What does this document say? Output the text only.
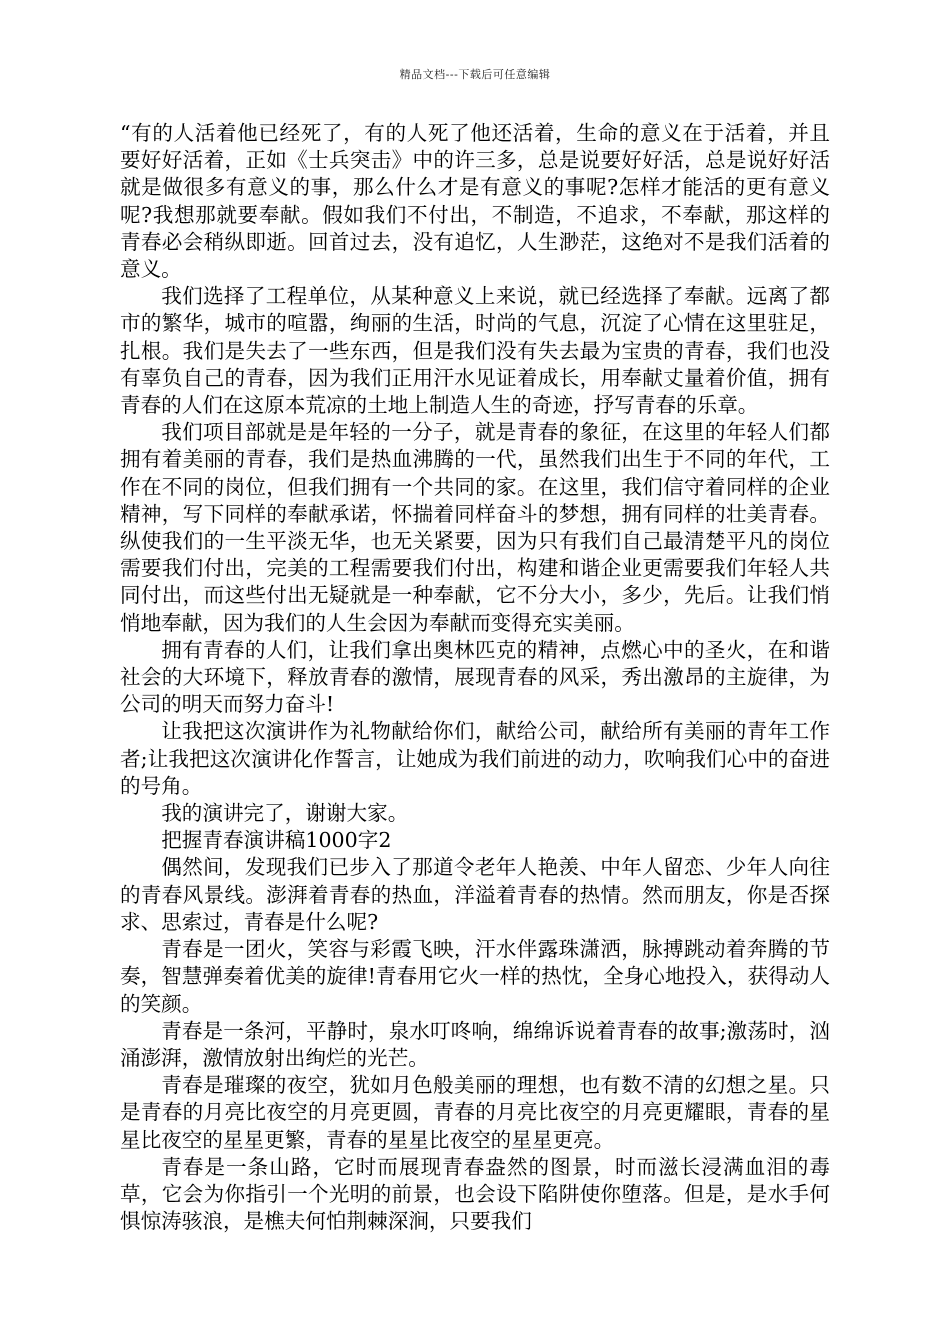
精品文档---下载后可任意编辑

“有的人活着他已经死了，有的人死了他还活着，生命的意义在于活着，并且要好好活着，正如《士兵突击》中的许三多，总是说要好好活，总是说好好活就是做很多有意义的事，那么什么才是有意义的事呢?怎样才能活的更有意义呢?我想那就要奉献。假如我们不付出，不制造，不追求，不奉献，那这样的青春必会稍纵即逝。回首过去，没有追忆，人生渺茫，这绝对不是我们活着的意义。

我们选择了工程单位，从某种意义上来说，就已经选择了奉献。远离了都市的繁华，城市的喧嚣，绚丽的生活，时尚的气息，沉淀了心情在这里驻足，扎根。我们是失去了一些东西，但是我们没有失去最为宝贵的青春，我们也没有辜负自己的青春，因为我们正用汗水见证着成长，用奉献丈量着价值，拥有青春的人们在这原本荒凉的土地上制造人生的奇迹，抒写青春的乐章。

我们项目部就是是年轻的一分子，就是青春的象征，在这里的年轻人们都拥有着美丽的青春，我们是热血沸腾的一代，虽然我们出生于不同的年代，工作在不同的岗位，但我们拥有一个共同的家。在这里，我们信守着同样的企业精神，写下同样的奉献承诺，怀揣着同样奋斗的梦想，拥有同样的壮美青春。纵使我们的一生平淡无华，也无关紧要，因为只有我们自己最清楚平凡的岗位需要我们付出，完美的工程需要我们付出，构建和谐企业更需要我们年轻人共同付出，而这些付出无疑就是一种奉献，它不分大小，多少，先后。让我们悄悄地奉献，因为我们的人生会因为奉献而变得充实美丽。

拥有青春的人们，让我们拿出奥林匹克的精神，点燃心中的圣火，在和谐社会的大环境下，释放青春的激情，展现青春的风采，秀出激昂的主旋律，为公司的明天而努力奋斗!

让我把这次演讲作为礼物献给你们，献给公司，献给所有美丽的青年工作者;让我把这次演讲化作誓言，让她成为我们前进的动力，吹响我们心中的奋进的号角。

我的演讲完了，谢谢大家。

把握青春演讲稿1000字2

偶然间，发现我们已步入了那道令老年人艳羡、中年人留恋、少年人向往的青春风景线。澎湃着青春的热血，洋溢着青春的热情。然而朋友，你是否探求、思索过，青春是什么呢?

青春是一团火，笑容与彩霞飞映，汗水伴露珠潇洒，脉搏跳动着奔腾的节奏，智慧弹奏着优美的旋律!青春用它火一样的热忱，全身心地投入，获得动人的笑颜。

青春是一条河，平静时，泉水叮咚响，绵绵诉说着青春的故事;激荡时，汹涌澎湃，激情放射出绚烂的光芒。

青春是璀璨的夜空，犹如月色般美丽的理想，也有数不清的幻想之星。只是青春的月亮比夜空的月亮更圆，青春的月亮比夜空的月亮更耀眼，青春的星星比夜空的星星更繁，青春的星星比夜空的星星更亮。

青春是一条山路，它时而展现青春盎然的图景，时而滋长浸满血泪的毒草，它会为你指引一个光明的前景，也会设下陷阱使你堕落。但是，是水手何惧惊涛骇浪，是樵夫何怕荆棘深涧，只要我们
